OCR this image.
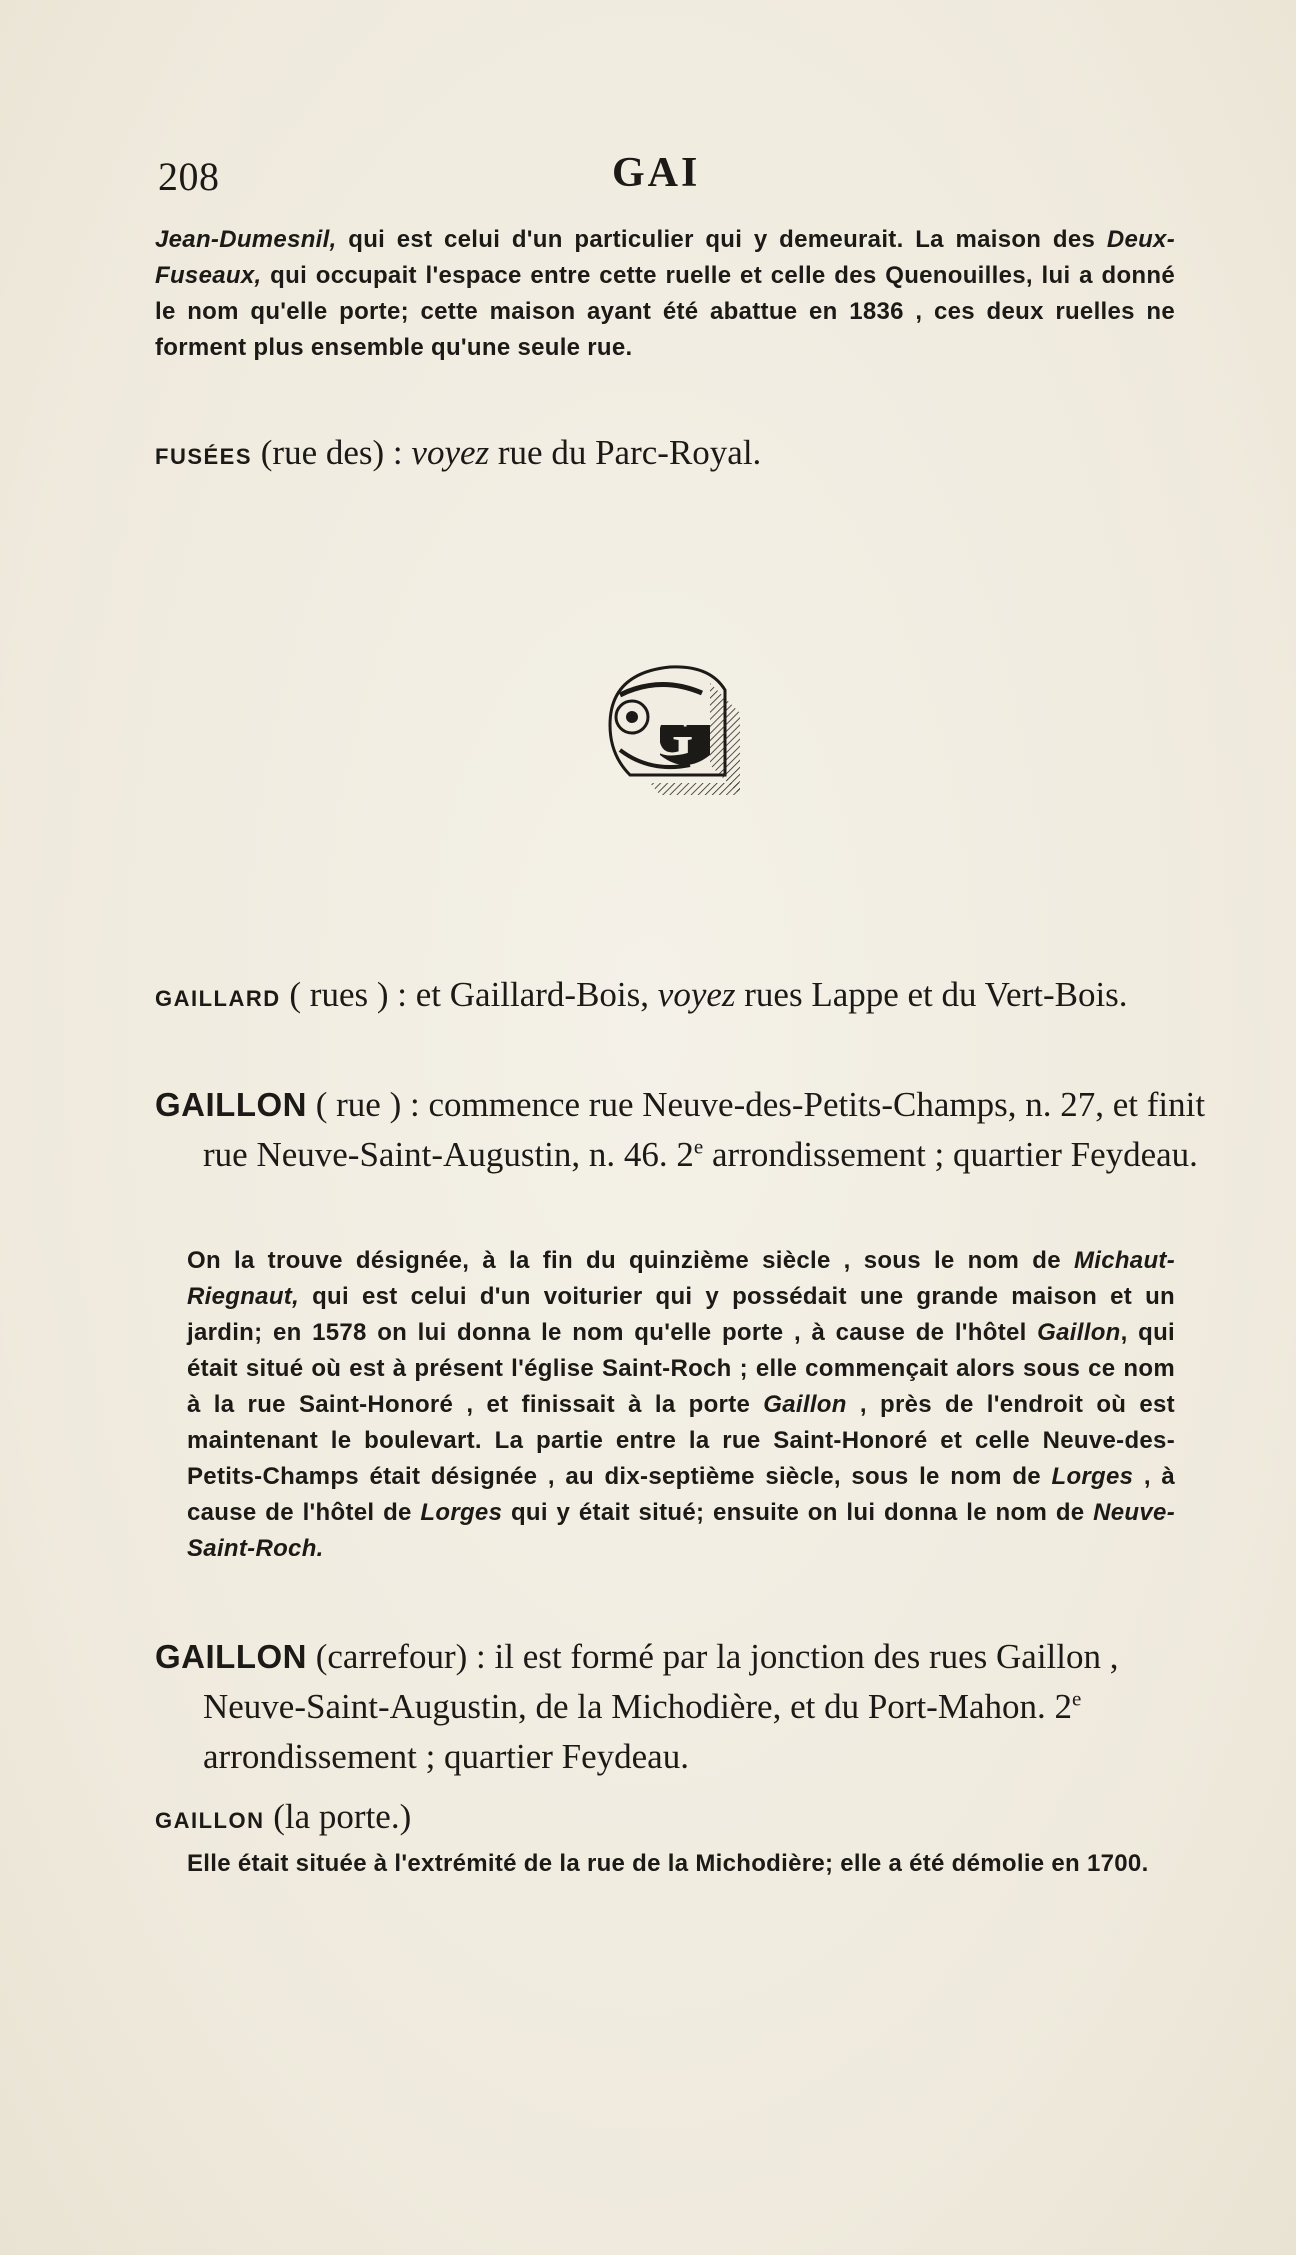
208	GAI
Jean-Dumesnil, qui est celui d'un particulier qui y demeurait. La maison des Deux-Fuseaux, qui occupait l'espace entre cette ruelle et celle des Quenouilles, lui a donné le nom qu'elle porte; cette maison ayant été abattue en 1836 , ces deux ruelles ne forment plus ensemble qu'une seule rue.
FUSÉES (rue des) : voyez rue du Parc-Royal.
G
GAILLARD ( rues ) : et Gaillard-Bois, voyez rues Lappe et du Vert-Bois.
GAILLON ( rue ) : commence rue Neuve-des-Petits-Champs, n. 27, et finit rue Neuve-Saint-Augustin, n. 46. 2e arrondissement ; quartier Feydeau.
On la trouve désignée, à la fin du quinzième siècle , sous le nom de Michaut-Riegnaut, qui est celui d'un voiturier qui y possédait une grande maison et un jardin; en 1578 on lui donna le nom qu'elle porte , à cause de l'hôtel Gaillon, qui était situé où est à présent l'église Saint-Roch ; elle commençait alors sous ce nom à la rue Saint-Honoré , et finissait à la porte Gaillon , près de l'endroit où est maintenant le boulevart. La partie entre la rue Saint-Honoré et celle Neuve-des-Petits-Champs était désignée , au dix-septième siècle, sous le nom de Lorges , à cause de l'hôtel de Lorges qui y était situé; ensuite on lui donna le nom de Neuve-Saint-Roch.
GAILLON (carrefour) : il est formé par la jonction des rues Gaillon , Neuve-Saint-Augustin, de la Michodière, et du Port-Mahon. 2e arrondissement ; quartier Feydeau.
GAILLON (la porte.)
Elle était située à l'extrémité de la rue de la Michodière; elle a été démolie en 1700.
